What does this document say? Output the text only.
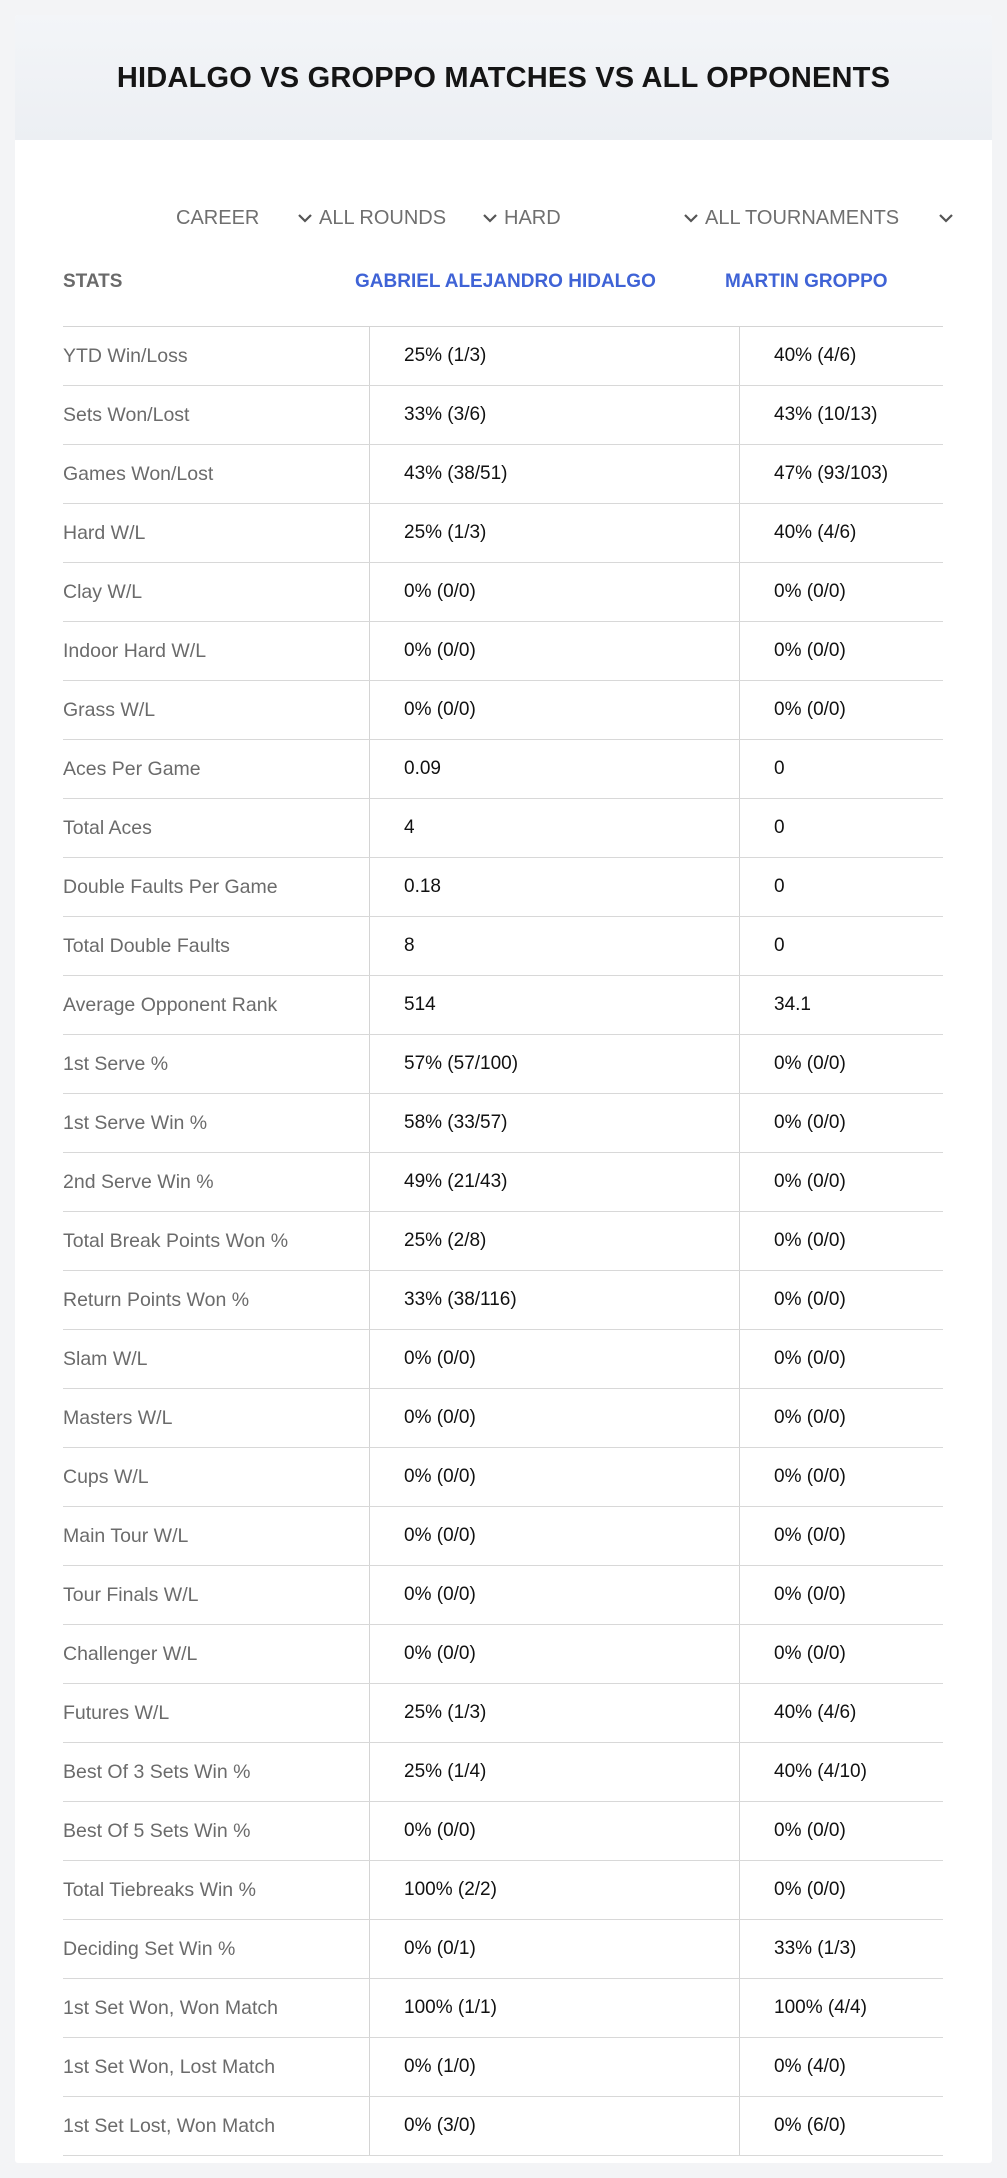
HIDALGO VS GROPPO MATCHES VS ALL OPPONENTS
CAREER	ALL ROUNDS	HARD	ALL TOURNAMENTS
STATS	GABRIEL ALEJANDRO HIDALGO	MARTIN GROPPO
YTD Win/Loss	25% (1/3)	40% (4/6)
Sets Won/Lost	33% (3/6)	43% (10/13)
Games Won/Lost	43% (38/51)	47% (93/103)
Hard W/L	25% (1/3)	40% (4/6)
Clay W/L	0% (0/0)	0% (0/0)
Indoor Hard W/L	0% (0/0)	0% (0/0)
Grass W/L	0% (0/0)	0% (0/0)
Aces Per Game	0.09	0
Total Aces	4	0
Double Faults Per Game	0.18	0
Total Double Faults	8	0
Average Opponent Rank	514	34.1
1st Serve %	57% (57/100)	0% (0/0)
1st Serve Win %	58% (33/57)	0% (0/0)
2nd Serve Win %	49% (21/43)	0% (0/0)
Total Break Points Won %	25% (2/8)	0% (0/0)
Return Points Won %	33% (38/116)	0% (0/0)
Slam W/L	0% (0/0)	0% (0/0)
Masters W/L	0% (0/0)	0% (0/0)
Cups W/L	0% (0/0)	0% (0/0)
Main Tour W/L	0% (0/0)	0% (0/0)
Tour Finals W/L	0% (0/0)	0% (0/0)
Challenger W/L	0% (0/0)	0% (0/0)
Futures W/L	25% (1/3)	40% (4/6)
Best Of 3 Sets Win %	25% (1/4)	40% (4/10)
Best Of 5 Sets Win %	0% (0/0)	0% (0/0)
Total Tiebreaks Win %	100% (2/2)	0% (0/0)
Deciding Set Win %	0% (0/1)	33% (1/3)
1st Set Won, Won Match	100% (1/1)	100% (4/4)
1st Set Won, Lost Match	0% (1/0)	0% (4/0)
1st Set Lost, Won Match	0% (3/0)	0% (6/0)
